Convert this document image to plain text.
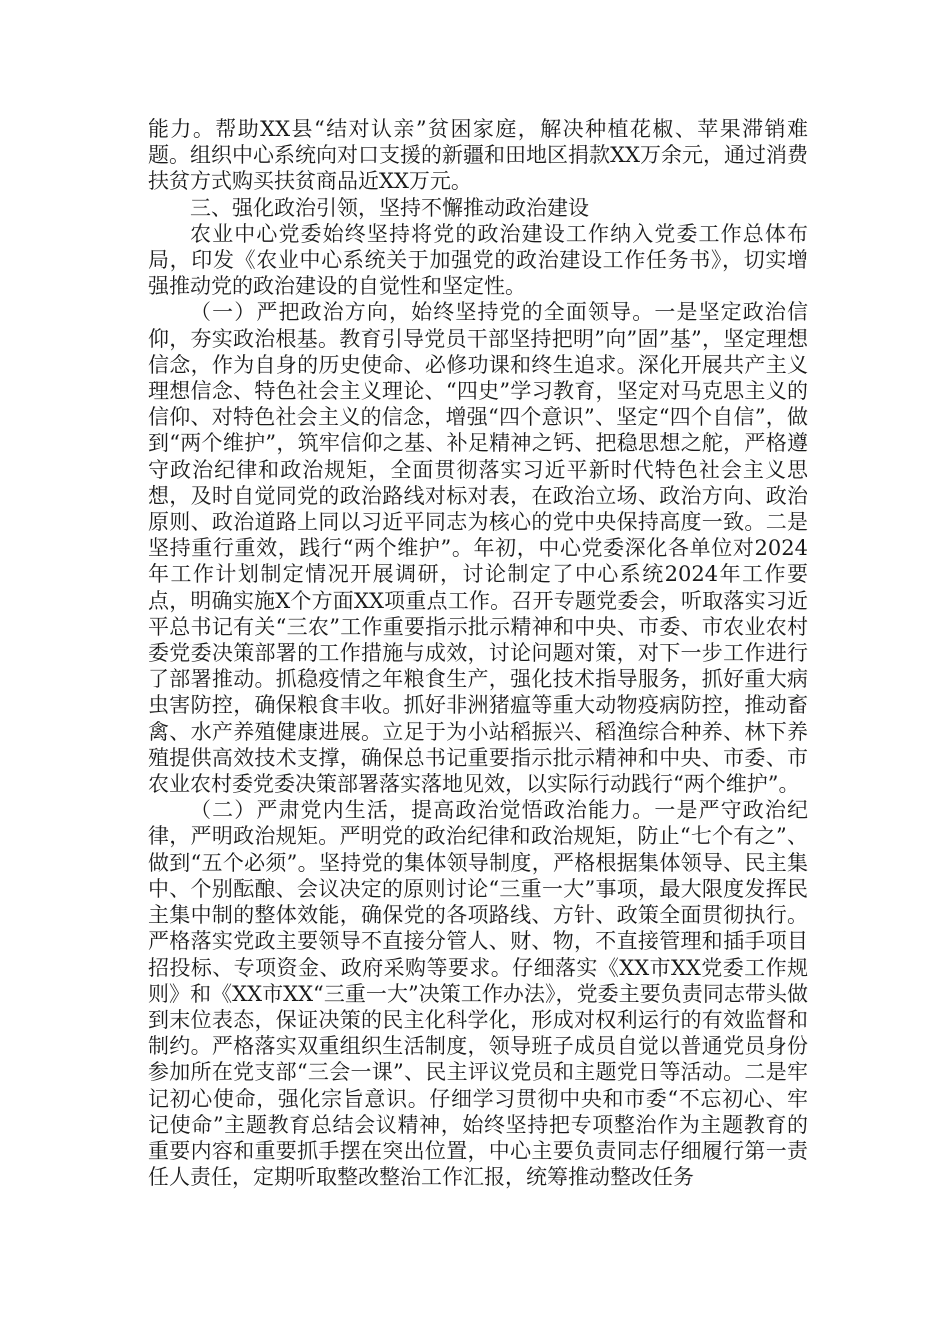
能力。帮助XX县“结对认亲”贫困家庭，解决种植花椒、苹果滞销难题。组织中心系统向对口支援的新疆和田地区捐款XX万余元，通过消费扶贫方式购买扶贫商品近XX万元。

三、强化政治引领，坚持不懈推动政治建设

农业中心党委始终坚持将党的政治建设工作纳入党委工作总体布局，印发《农业中心系统关于加强党的政治建设工作任务书》，切实增强推动党的政治建设的自觉性和坚定性。

（一）严把政治方向，始终坚持党的全面领导。一是坚定政治信仰，夯实政治根基。教育引导党员干部坚持把明”向”固”基”，坚定理想信念，作为自身的历史使命、必修功课和终生追求。深化开展共产主义理想信念、特色社会主义理论、“四史”学习教育，坚定对马克思主义的信仰、对特色社会主义的信念，增强“四个意识”、坚定“四个自信”，做到“两个维护”，筑牢信仰之基、补足精神之钙、把稳思想之舵，严格遵守政治纪律和政治规矩，全面贯彻落实习近平新时代特色社会主义思想，及时自觉同党的政治路线对标对表，在政治立场、政治方向、政治原则、政治道路上同以习近平同志为核心的党中央保持高度一致。二是坚持重行重效，践行“两个维护”。年初，中心党委深化各单位对2024年工作计划制定情况开展调研，讨论制定了中心系统2024年工作要点，明确实施X个方面XX项重点工作。召开专题党委会，听取落实习近平总书记有关“三农”工作重要指示批示精神和中央、市委、市农业农村委党委决策部署的工作措施与成效，讨论问题对策，对下一步工作进行了部署推动。抓稳疫情之年粮食生产，强化技术指导服务，抓好重大病虫害防控，确保粮食丰收。抓好非洲猪瘟等重大动物疫病防控，推动畜禽、水产养殖健康进展。立足于为小站稻振兴、稻渔综合种养、林下养殖提供高效技术支撑，确保总书记重要指示批示精神和中央、市委、市农业农村委党委决策部署落实落地见效，以实际行动践行“两个维护”。

（二）严肃党内生活，提高政治觉悟政治能力。一是严守政治纪律，严明政治规矩。严明党的政治纪律和政治规矩，防止“七个有之”、做到“五个必须”。坚持党的集体领导制度，严格根据集体领导、民主集中、个别酝酿、会议决定的原则讨论“三重一大”事项，最大限度发挥民主集中制的整体效能，确保党的各项路线、方针、政策全面贯彻执行。严格落实党政主要领导不直接分管人、财、物，不直接管理和插手项目招投标、专项资金、政府采购等要求。仔细落实《XX市XX党委工作规则》和《XX市XX“三重一大”决策工作办法》，党委主要负责同志带头做到末位表态，保证决策的民主化科学化，形成对权利运行的有效监督和制约。严格落实双重组织生活制度，领导班子成员自觉以普通党员身份参加所在党支部“三会一课”、民主评议党员和主题党日等活动。二是牢记初心使命，强化宗旨意识。仔细学习贯彻中央和市委“不忘初心、牢记使命”主题教育总结会议精神，始终坚持把专项整治作为主题教育的重要内容和重要抓手摆在突出位置，中心主要负责同志仔细履行第一责任人责任，定期听取整改整治工作汇报，统筹推动整改任务
